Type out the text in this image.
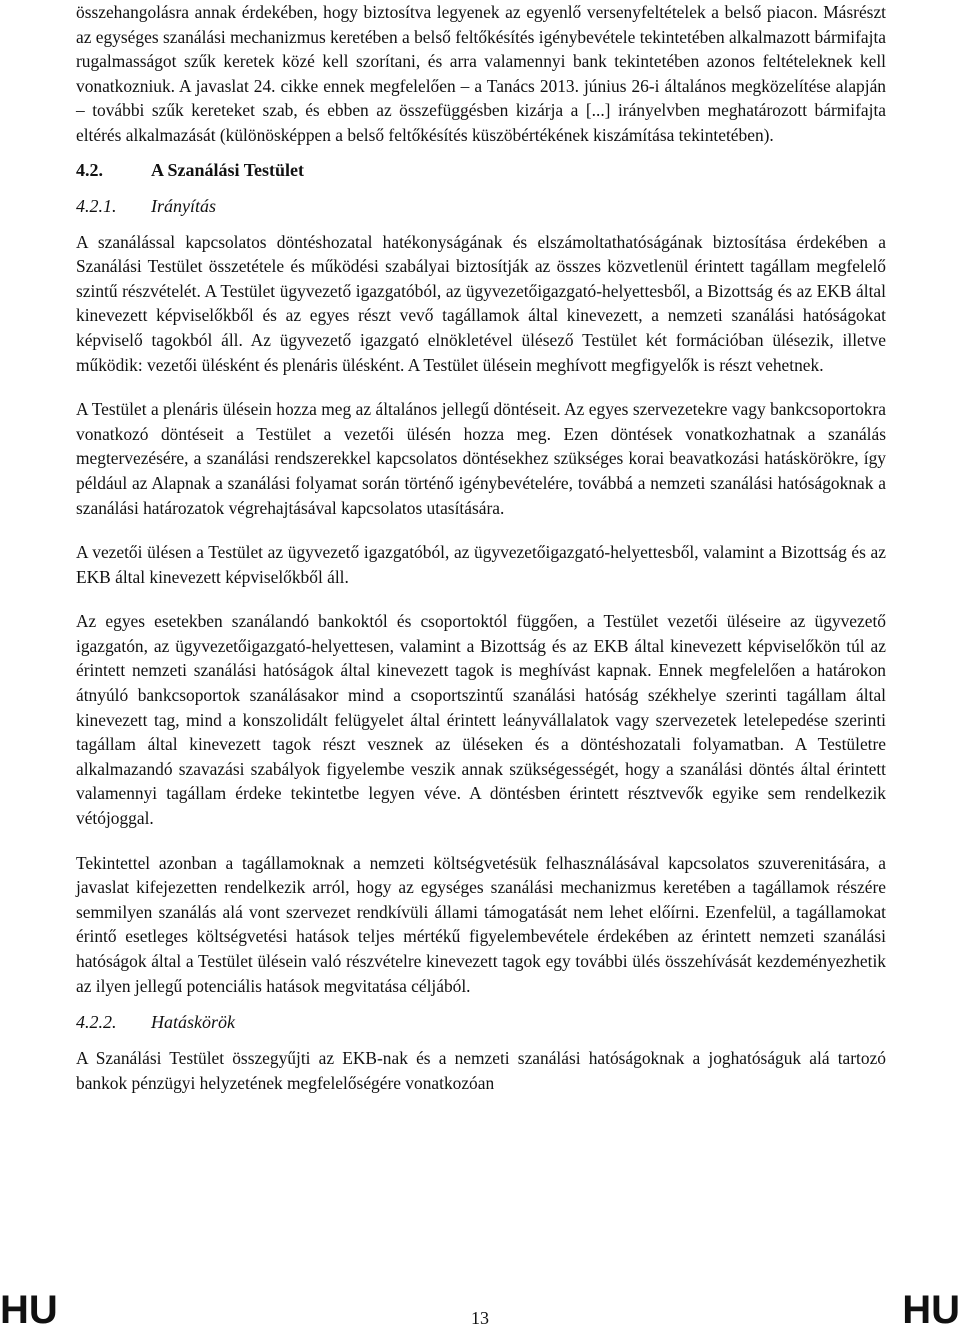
összehangolásra annak érdekében, hogy biztosítva legyenek az egyenlő versenyfeltételek a belső piacon. Másrészt az egységes szanálási mechanizmus keretében a belső feltőkésítés igénybevétele tekintetében alkalmazott bármifajta rugalmasságot szűk keretek közé kell szorítani, és arra valamennyi bank tekintetében azonos feltételeknek kell vonatkozniuk. A javaslat 24. cikke ennek megfelelően – a Tanács 2013. június 26-i általános megközelítése alapján – további szűk kereteket szab, és ebben az összefüggésben kizárja a [...] irányelvben meghatározott bármifajta eltérés alkalmazását (különösképpen a belső feltőkésítés küszöbértékének kiszámítása tekintetében).

4.2.	A Szanálási Testület
4.2.1. Irányítás

A szanálással kapcsolatos döntéshozatal hatékonyságának és elszámoltathatóságának biztosítása érdekében a Szanálási Testület összetétele és működési szabályai biztosítják az összes közvetlenül érintett tagállam megfelelő szintű részvételét. A Testület ügyvezető igazgatóból, az ügyvezetőigazgató-helyettesből, a Bizottság és az EKB által kinevezett képviselőkből és az egyes részt vevő tagállamok által kinevezett, a nemzeti szanálási hatóságokat képviselő tagokból áll. Az ügyvezető igazgató elnökletével ülésező Testület két formációban ülésezik, illetve működik: vezetői ülésként és plenáris ülésként. A Testület ülésein meghívott megfigyelők is részt vehetnek.

A Testület a plenáris ülésein hozza meg az általános jellegű döntéseit. Az egyes szervezetekre vagy bankcsoportokra vonatkozó döntéseit a Testület a vezetői ülésén hozza meg. Ezen döntések vonatkozhatnak a szanálás megtervezésére, a szanálási rendszerekkel kapcsolatos döntésekhez szükséges korai beavatkozási hatáskörökre, így például az Alapnak a szanálási folyamat során történő igénybevételére, továbbá a nemzeti szanálási hatóságoknak a szanálási határozatok végrehajtásával kapcsolatos utasítására.

A vezetői ülésen a Testület az ügyvezető igazgatóból, az ügyvezetőigazgató-helyettesből, valamint a Bizottság és az EKB által kinevezett képviselőkből áll.

Az egyes esetekben szanálandó bankoktól és csoportoktól függően, a Testület vezetői üléseire az ügyvezető igazgatón, az ügyvezetőigazgató-helyettesen, valamint a Bizottság és az EKB által kinevezett képviselőkön túl az érintett nemzeti szanálási hatóságok által kinevezett tagok is meghívást kapnak. Ennek megfelelően a határokon átnyúló bankcsoportok szanálásakor mind a csoportszintű szanálási hatóság székhelye szerinti tagállam által kinevezett tag, mind a konszolidált felügyelet által érintett leányvállalatok vagy szervezetek letelepedése szerinti tagállam által kinevezett tagok részt vesznek az üléseken és a döntéshozatali folyamatban. A Testületre alkalmazandó szavazási szabályok figyelembe veszik annak szükségességét, hogy a szanálási döntés által érintett valamennyi tagállam érdeke tekintetbe legyen véve. A döntésben érintett résztvevők egyike sem rendelkezik vétójoggal.

Tekintettel azonban a tagállamoknak a nemzeti költségvetésük felhasználásával kapcsolatos szuverenitására, a javaslat kifejezetten rendelkezik arról, hogy az egységes szanálási mechanizmus keretében a tagállamok részére semmilyen szanálás alá vont szervezet rendkívüli állami támogatását nem lehet előírni. Ezenfelül, a tagállamokat érintő esetleges költségvetési hatások teljes mértékű figyelembevétele érdekében az érintett nemzeti szanálási hatóságok által a Testület ülésein való részvételre kinevezett tagok egy további ülés összehívását kezdeményezhetik az ilyen jellegű potenciális hatások megvitatása céljából.

4.2.2. Hatáskörök

A Szanálási Testület összegyűjti az EKB-nak és a nemzeti szanálási hatóságoknak a joghatóságuk alá tartozó bankok pénzügyi helyzetének megfelelőségére vonatkozóan

HU	13	HU
